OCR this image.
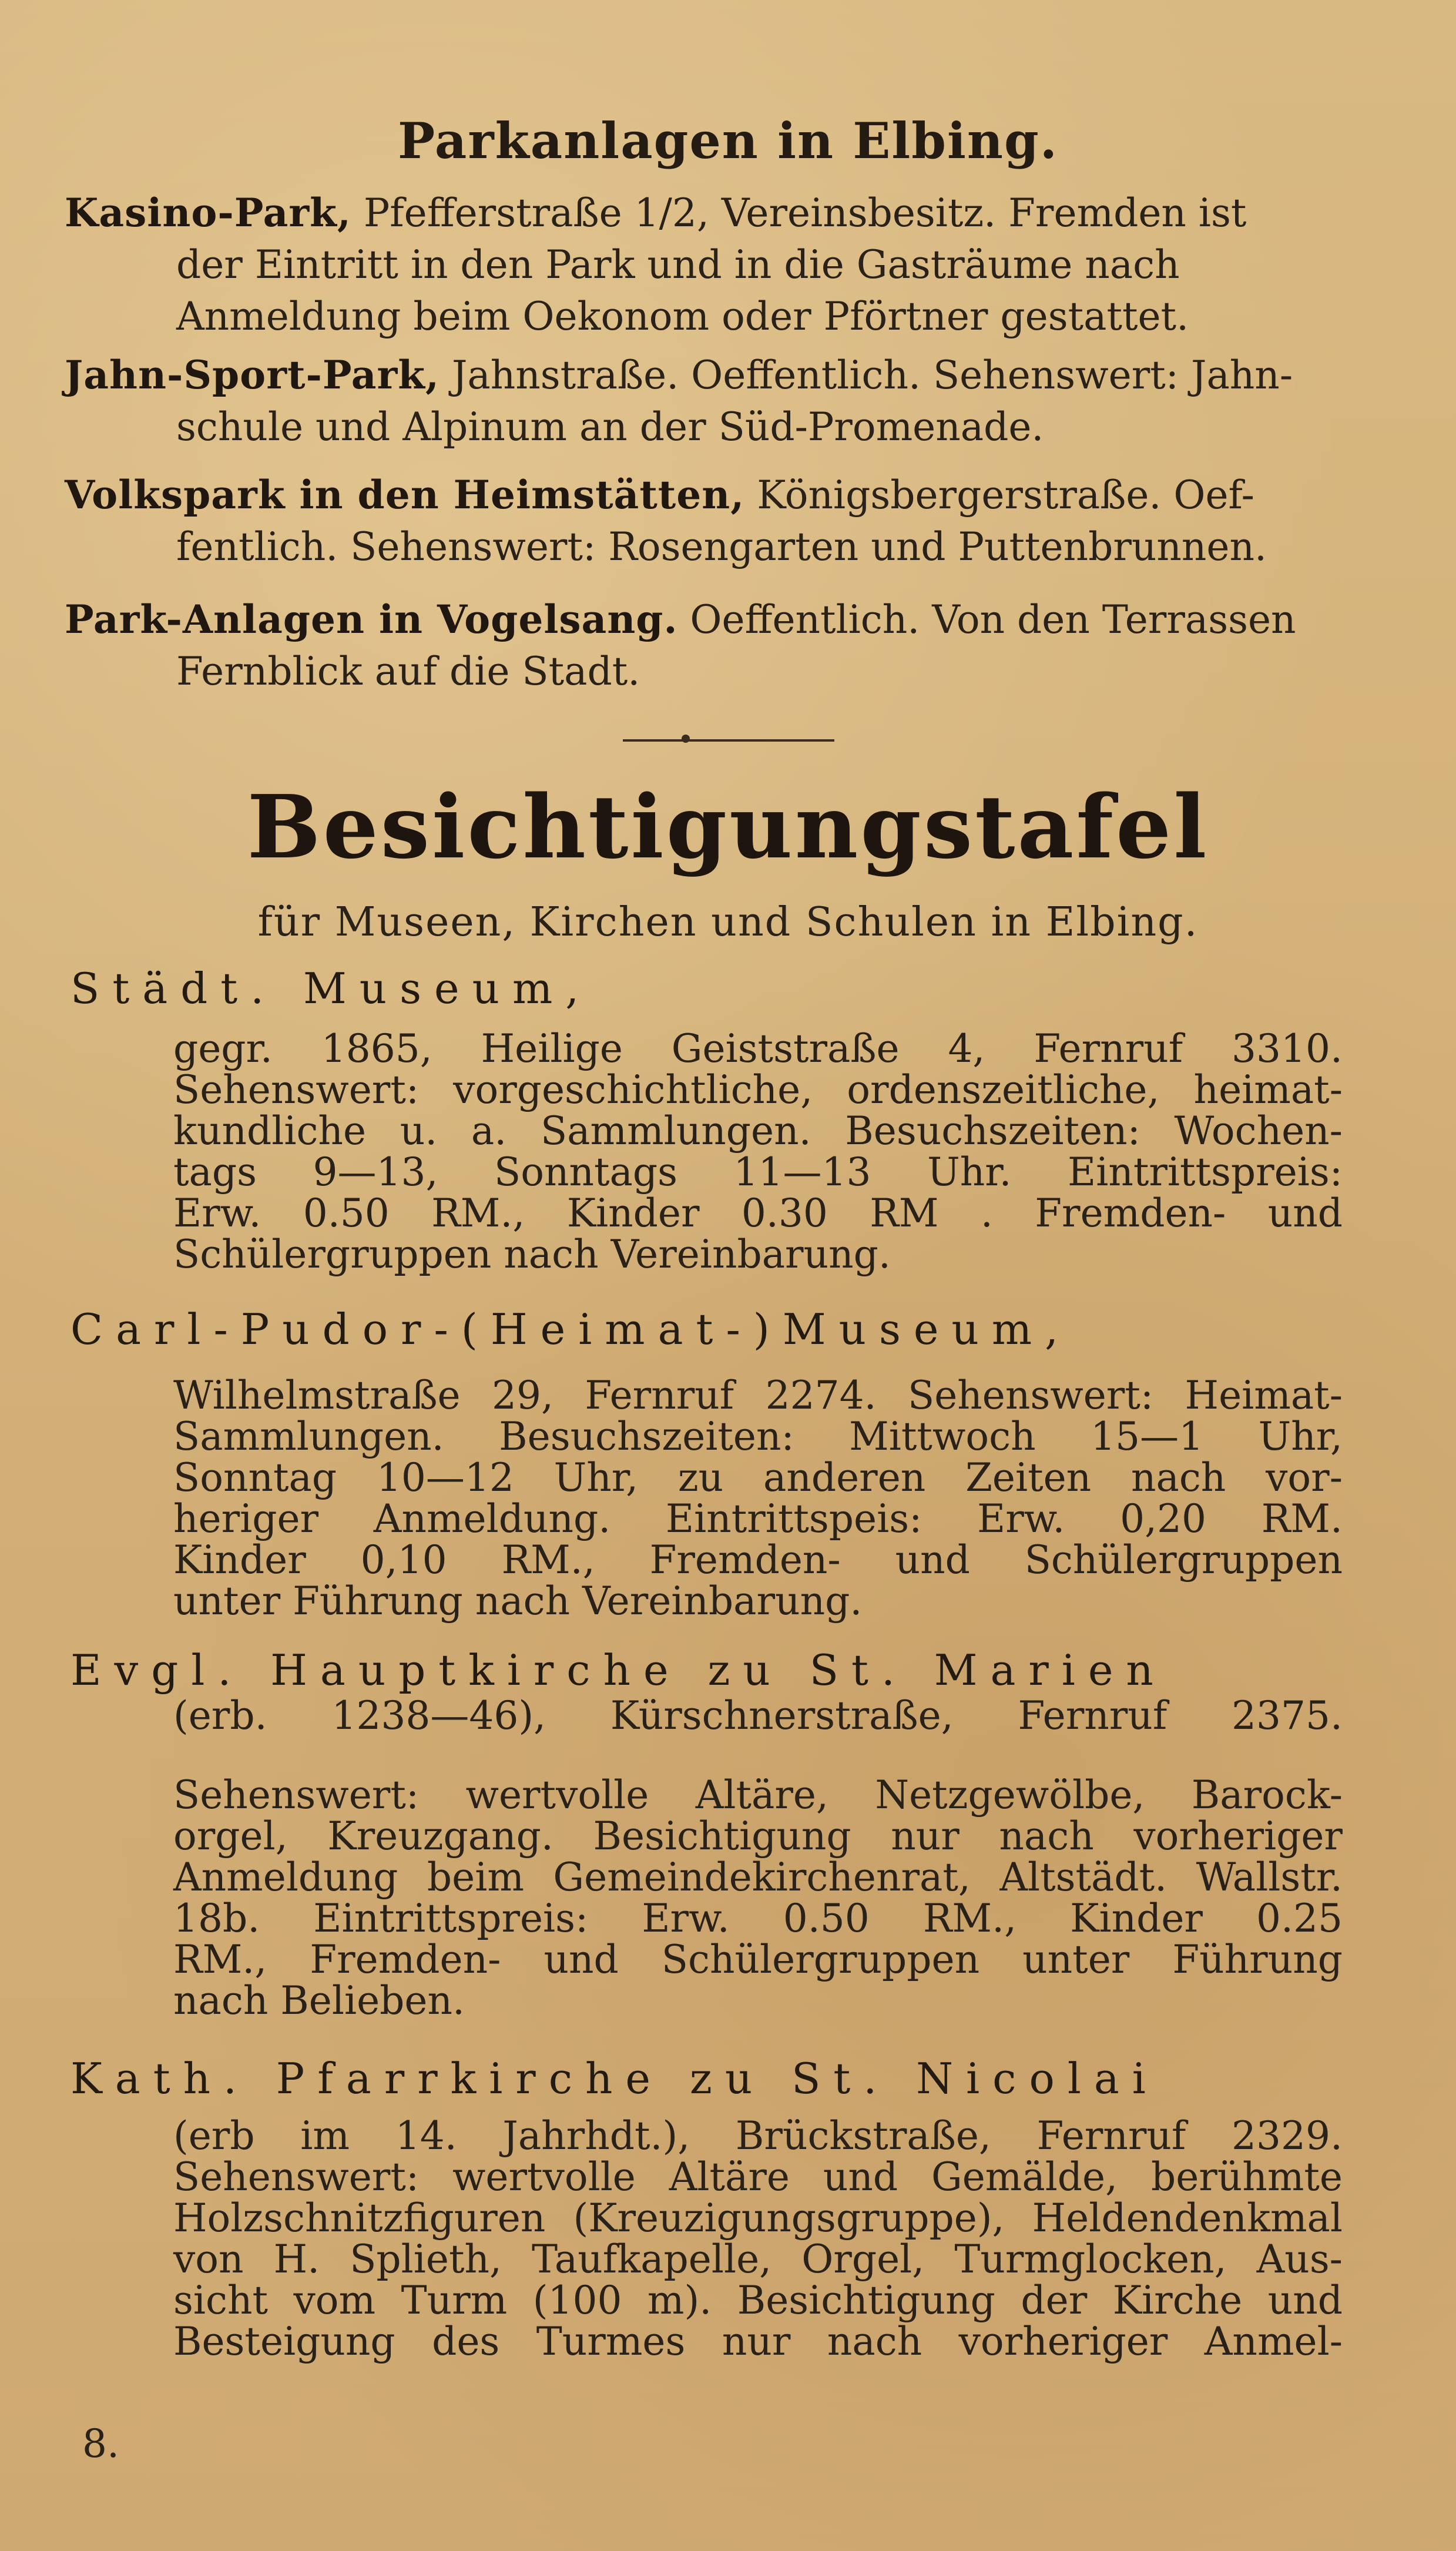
Parkanlagen in Elbing.
Kasino-Park, Pfefferstraße 1/2, Vereinsbesitz. Fremden ist
der Eintritt in den Park und in die Gasträume nach
Anmeldung beim Oekonom oder Pförtner gestattet.
Jahn-Sport-Park, Jahnstraße. Oeffentlich. Sehenswert: Jahn-
schule und Alpinum an der Süd-Promenade.
Volkspark in den Heimstätten, Königsbergerstraße. Oef-
fentlich. Sehenswert: Rosengarten und Puttenbrunnen.
Park-Anlagen in Vogelsang. Oeffentlich. Von den Terrassen
Fernblick auf die Stadt.
Besichtigungstafel
für Museen, Kirchen und Schulen in Elbing.
Städt. Museum,
gegr. 1865, Heilige Geiststraße 4, Fernruf 3310.
Sehenswert: vorgeschichtliche, ordenszeitliche, heimat-
kundliche u. a. Sammlungen. Besuchszeiten: Wochen-
tags 9—13, Sonntags 11—13 Uhr. Eintrittspreis:
Erw. 0.50 RM., Kinder 0.30 RM . Fremden- und
Schülergruppen nach Vereinbarung.
Carl-Pudor-(Heimat-)Museum,
Wilhelmstraße 29, Fernruf 2274. Sehenswert: Heimat-
Sammlungen. Besuchszeiten: Mittwoch 15—1 Uhr,
Sonntag 10—12 Uhr, zu anderen Zeiten nach vor-
heriger Anmeldung. Eintrittspeis: Erw. 0,20 RM.
Kinder 0,10 RM., Fremden- und Schülergruppen
unter Führung nach Vereinbarung.
Evgl. Hauptkirche zu St. Marien
(erb. 1238—46), Kürschnerstraße, Fernruf 2375.
Sehenswert: wertvolle Altäre, Netzgewölbe, Barock-
orgel, Kreuzgang. Besichtigung nur nach vorheriger
Anmeldung beim Gemeindekirchenrat, Altstädt. Wallstr.
18b. Eintrittspreis: Erw. 0.50 RM., Kinder 0.25
RM., Fremden- und Schülergruppen unter Führung
nach Belieben.
Kath. Pfarrkirche zu St. Nicolai
(erb im 14. Jahrhdt.), Brückstraße, Fernruf 2329.
Sehenswert: wertvolle Altäre und Gemälde, berühmte
Holzschnitzfiguren (Kreuzigungsgruppe), Heldendenkmal
von H. Splieth, Taufkapelle, Orgel, Turmglocken, Aus-
sicht vom Turm (100 m). Besichtigung der Kirche und
Besteigung des Turmes nur nach vorheriger Anmel-
8.
